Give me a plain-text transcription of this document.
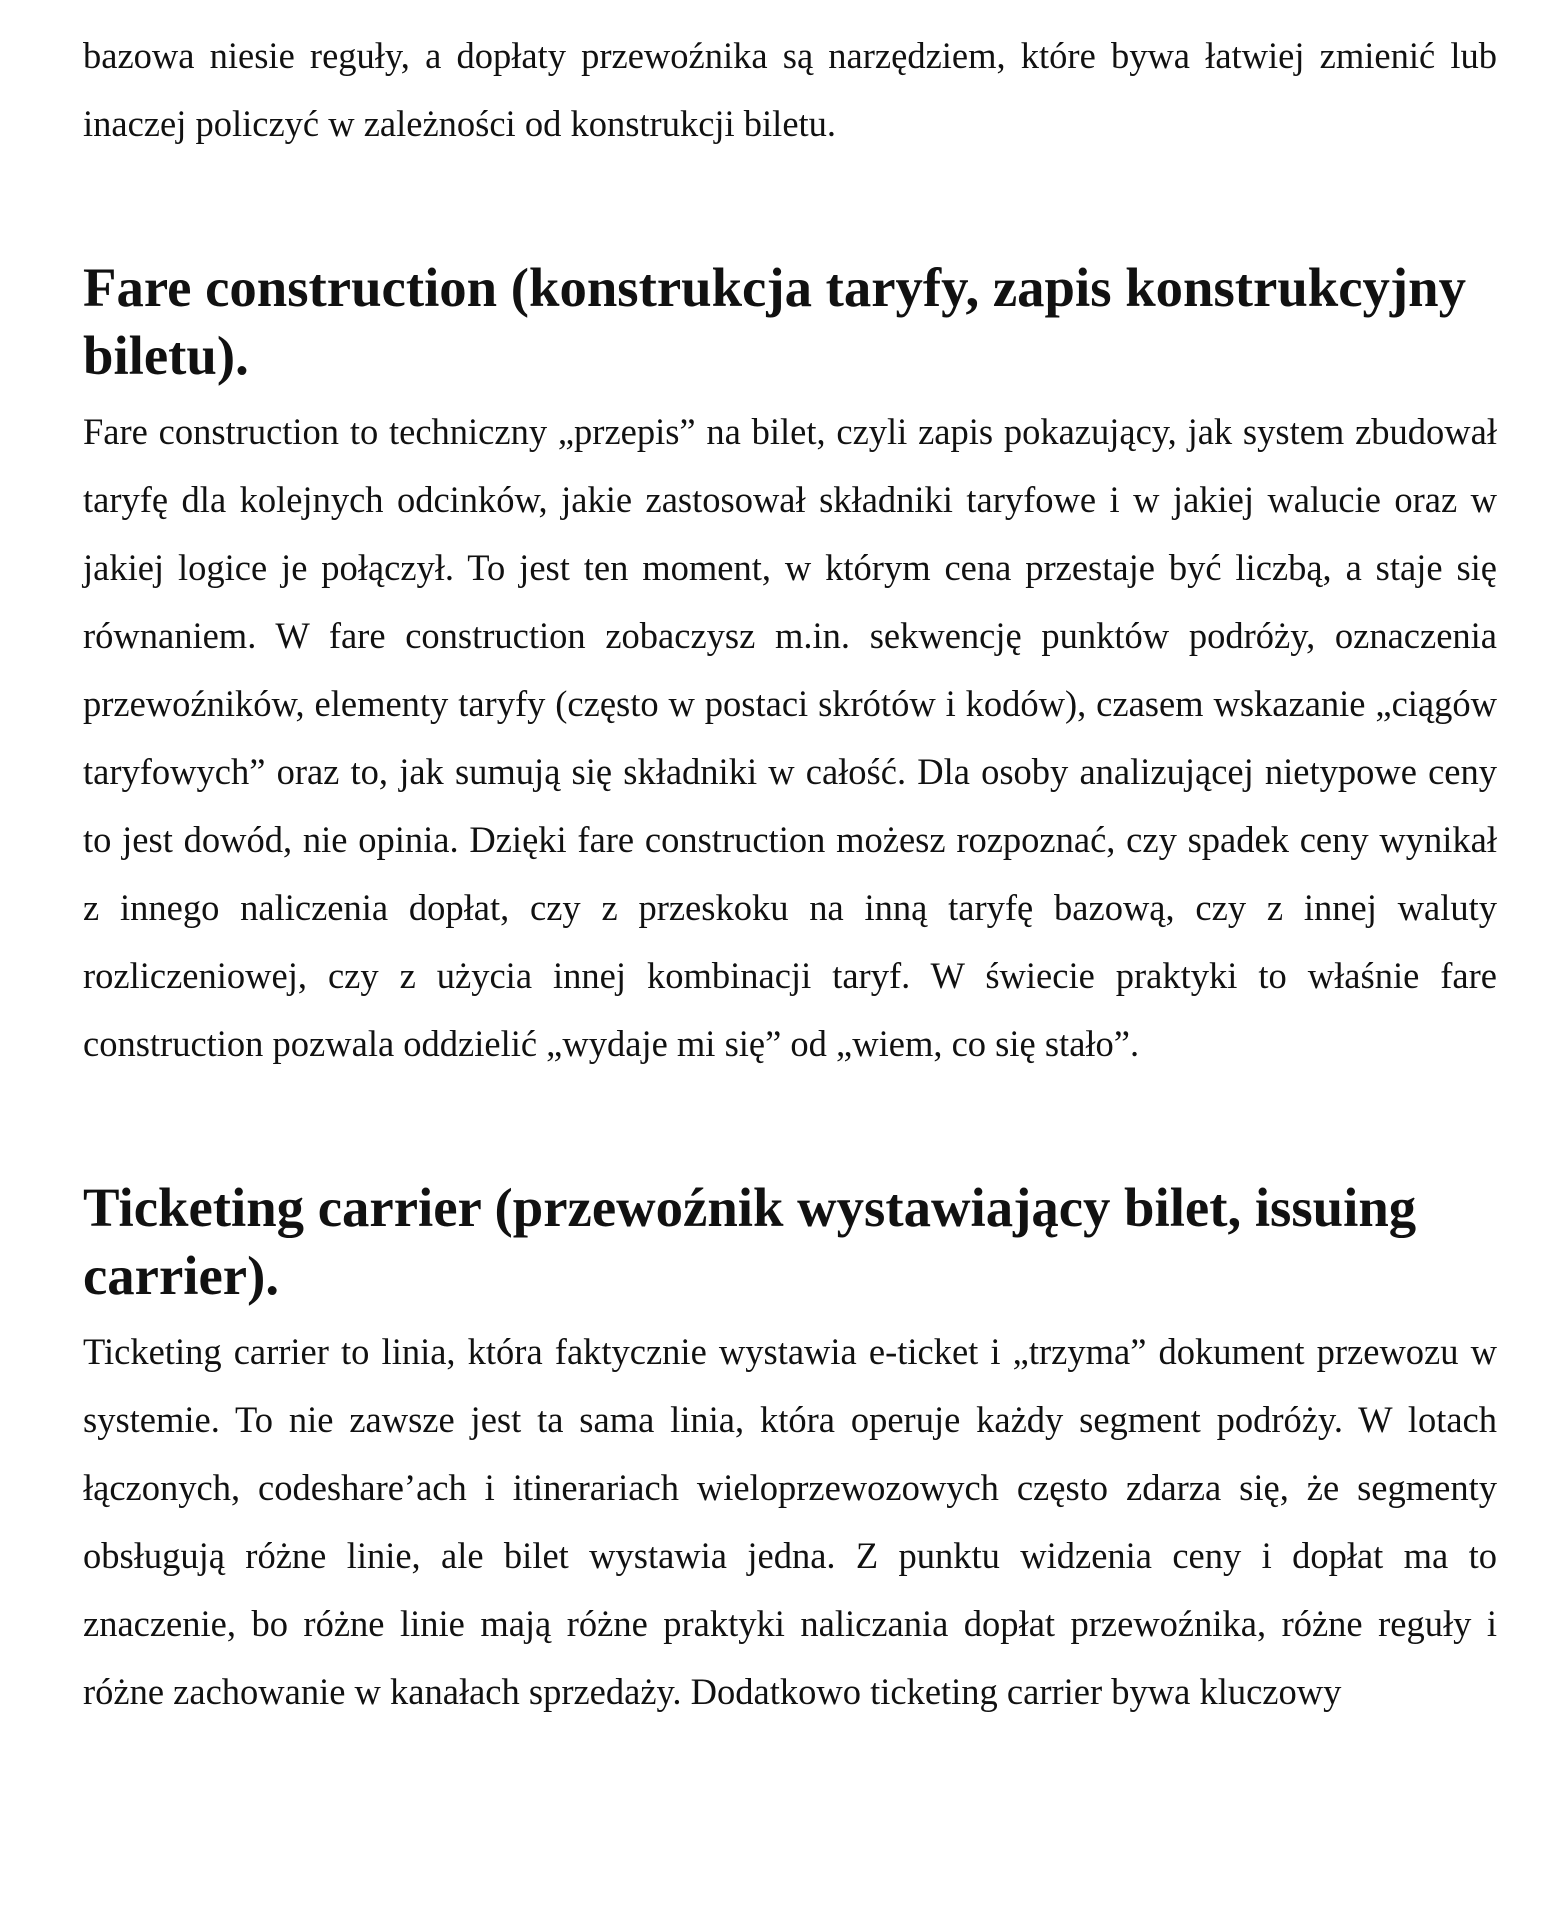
bazowa niesie reguły, a dopłaty przewoźnika są narzędziem, które bywa łatwiej zmienić lub inaczej policzyć w zależności od konstrukcji biletu.

Fare construction (konstrukcja taryfy, zapis konstrukcyjny biletu).

Fare construction to techniczny „przepis” na bilet, czyli zapis pokazujący, jak system zbudował taryfę dla kolejnych odcinków, jakie zastosował składniki taryfowe i w jakiej walucie oraz w jakiej logice je połączył. To jest ten moment, w którym cena przestaje być liczbą, a staje się równaniem. W fare construction zobaczysz m.in. sekwencję punktów podróży, oznaczenia przewoźników, elementy taryfy (często w postaci skrótów i kodów), czasem wskazanie „ciągów taryfowych” oraz to, jak sumują się składniki w całość. Dla osoby analizującej nietypowe ceny to jest dowód, nie opinia. Dzięki fare construction możesz rozpoznać, czy spadek ceny wynikał z innego naliczenia dopłat, czy z przeskoku na inną taryfę bazową, czy z innej waluty rozliczeniowej, czy z użycia innej kombinacji taryf. W świecie praktyki to właśnie fare construction pozwala oddzielić „wydaje mi się” od „wiem, co się stało”.

Ticketing carrier (przewoźnik wystawiający bilet, issuing carrier).

Ticketing carrier to linia, która faktycznie wystawia e-ticket i „trzyma” dokument przewozu w systemie. To nie zawsze jest ta sama linia, która operuje każdy segment podróży. W lotach łączonych, codeshare’ach i itinerariach wieloprzewozowych często zdarza się, że segmenty obsługują różne linie, ale bilet wystawia jedna. Z punktu widzenia ceny i dopłat ma to znaczenie, bo różne linie mają różne praktyki naliczania dopłat przewoźnika, różne reguły i różne zachowanie w kanałach sprzedaży. Dodatkowo ticketing carrier bywa kluczowy
